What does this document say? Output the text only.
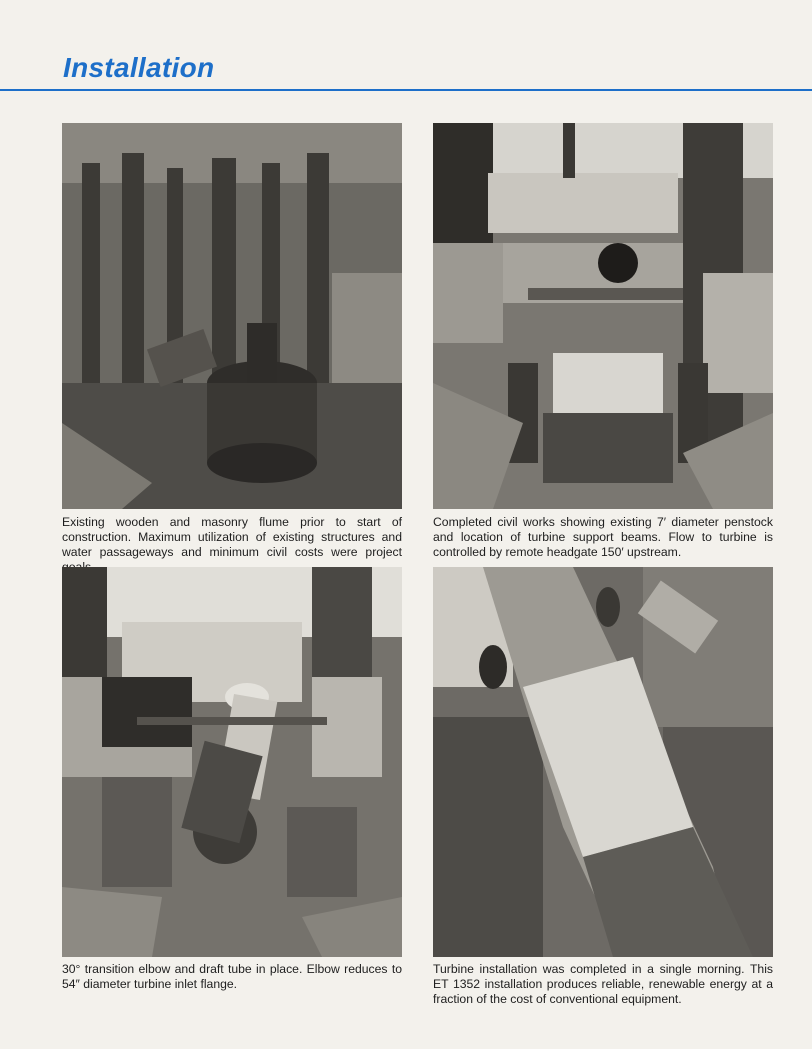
Installation
Existing wooden and masonry flume prior to start of construction. Maximum utilization of existing structures and water passageways and minimum civil costs were project
Completed civil works showing existing 7′ diameter penstock and location of turbine support beams. Flow to turbine is controlled by remote headgate 150′ upstream.
30° transition elbow and draft tube in place. Elbow reduces to 54″ diameter turbine inlet flange.
Turbine installation was completed in a single morning. This ET 1352 installation produces reliable, renewable energy at a fraction of the cost of conventional equipment.
